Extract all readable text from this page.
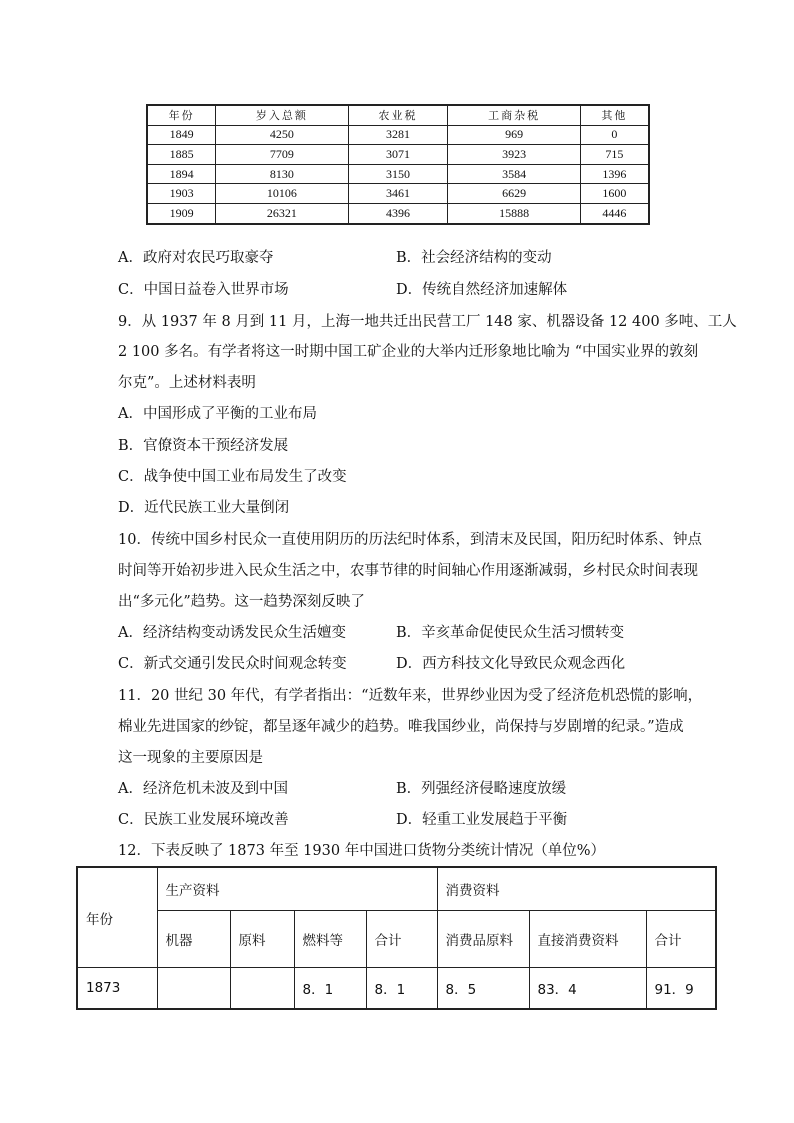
年份	岁入总额	农业税	工商杂税	其他
1849	4250	3281	969	0
1885	7709	3071	3923	715
1894	8130	3150	3584	1396
1903	10106	3461	6629	1600
1909	26321	4396	15888	4446
A．政府对农民巧取豪夺	B．社会经济结构的变动
C．中国日益卷入世界市场	D．传统自然经济加速解体
9．从 1937 年 8 月到 11 月，上海一地共迁出民营工厂 148 家、机器设备 12 400 多吨、工人
2 100 多名。有学者将这一时期中国工矿企业的大举内迁形象地比喻为 “中国实业界的敦刻
尔克”。上述材料表明
A．中国形成了平衡的工业布局
B．官僚资本干预经济发展
C．战争使中国工业布局发生了改变
D．近代民族工业大量倒闭
10．传统中国乡村民众一直使用阴历的历法纪时体系，到清末及民国，阳历纪时体系、钟点
时间等开始初步进入民众生活之中，农事节律的时间轴心作用逐渐减弱，乡村民众时间表现
出“多元化”趋势。这一趋势深刻反映了
A．经济结构变动诱发民众生活嬗变	B．辛亥革命促使民众生活习惯转变
C．新式交通引发民众时间观念转变	D．西方科技文化导致民众观念西化
11．20 世纪 30 年代，有学者指出：“近数年来，世界纱业因为受了经济危机恐慌的影响，
棉业先进国家的纱锭，都呈逐年减少的趋势。唯我国纱业，尚保持与岁剧增的纪录。”造成
这一现象的主要原因是
A．经济危机未波及到中国	B．列强经济侵略速度放缓
C．民族工业发展环境改善	D．轻重工业发展趋于平衡
12．下表反映了 1873 年至 1930 年中国进口货物分类统计情况（单位%）
年份	生产资料				消费资料		
	机器	原料	燃料等	合计	消费品原料	直接消费资料	合计
1873			8．1	8．1	8．5	83．4	91．9
